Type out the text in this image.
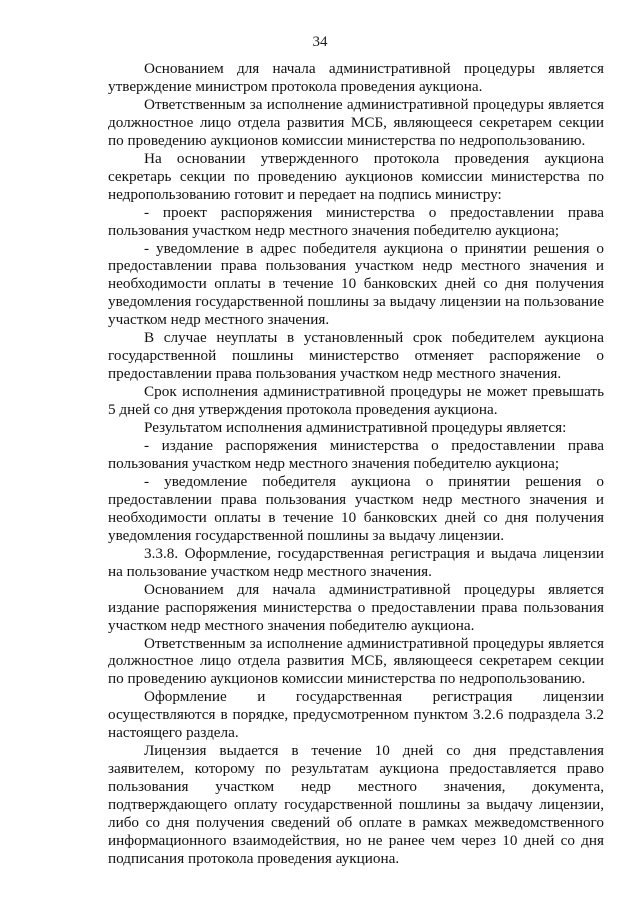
34

Основанием для начала административной процедуры является утверждение министром протокола проведения аукциона.

Ответственным за исполнение административной процедуры является должностное лицо отдела развития МСБ, являющееся секретарем секции по проведению аукционов комиссии министерства по недропользованию.

На основании утвержденного протокола проведения аукциона секретарь секции по проведению аукционов комиссии министерства по недропользованию готовит и передает на подпись министру:

- проект распоряжения министерства о предоставлении права пользования участком недр местного значения победителю аукциона;

- уведомление в адрес победителя аукциона о принятии решения о предоставлении права пользования участком недр местного значения и необходимости оплаты в течение 10 банковских дней со дня получения уведомления государственной пошлины за выдачу лицензии на пользование участком недр местного значения.

В случае неуплаты в установленный срок победителем аукциона государственной пошлины министерство отменяет распоряжение о предоставлении права пользования участком недр местного значения.

Срок исполнения административной процедуры не может превышать 5 дней со дня утверждения протокола проведения аукциона.

Результатом исполнения административной процедуры является:

- издание распоряжения министерства о предоставлении права пользования участком недр местного значения победителю аукциона;

- уведомление победителя аукциона о принятии решения о предоставлении права пользования участком недр местного значения и необходимости оплаты в течение 10 банковских дней со дня получения уведомления государственной пошлины за выдачу лицензии.

3.3.8. Оформление, государственная регистрация и выдача лицензии на пользование участком недр местного значения.

Основанием для начала административной процедуры является издание распоряжения министерства о предоставлении права пользования участком недр местного значения победителю аукциона.

Ответственным за исполнение административной процедуры является должностное лицо отдела развития МСБ, являющееся секретарем секции по проведению аукционов комиссии министерства по недропользованию.

Оформление и государственная регистрация лицензии осуществляются в порядке, предусмотренном пунктом 3.2.6 подраздела 3.2 настоящего раздела.

Лицензия выдается в течение 10 дней со дня представления заявителем, которому по результатам аукциона предоставляется право пользования участком недр местного значения, документа, подтверждающего оплату государственной пошлины за выдачу лицензии, либо со дня получения сведений об оплате в рамках межведомственного информационного взаимодействия, но не ранее чем через 10 дней со дня подписания протокола проведения аукциона.
